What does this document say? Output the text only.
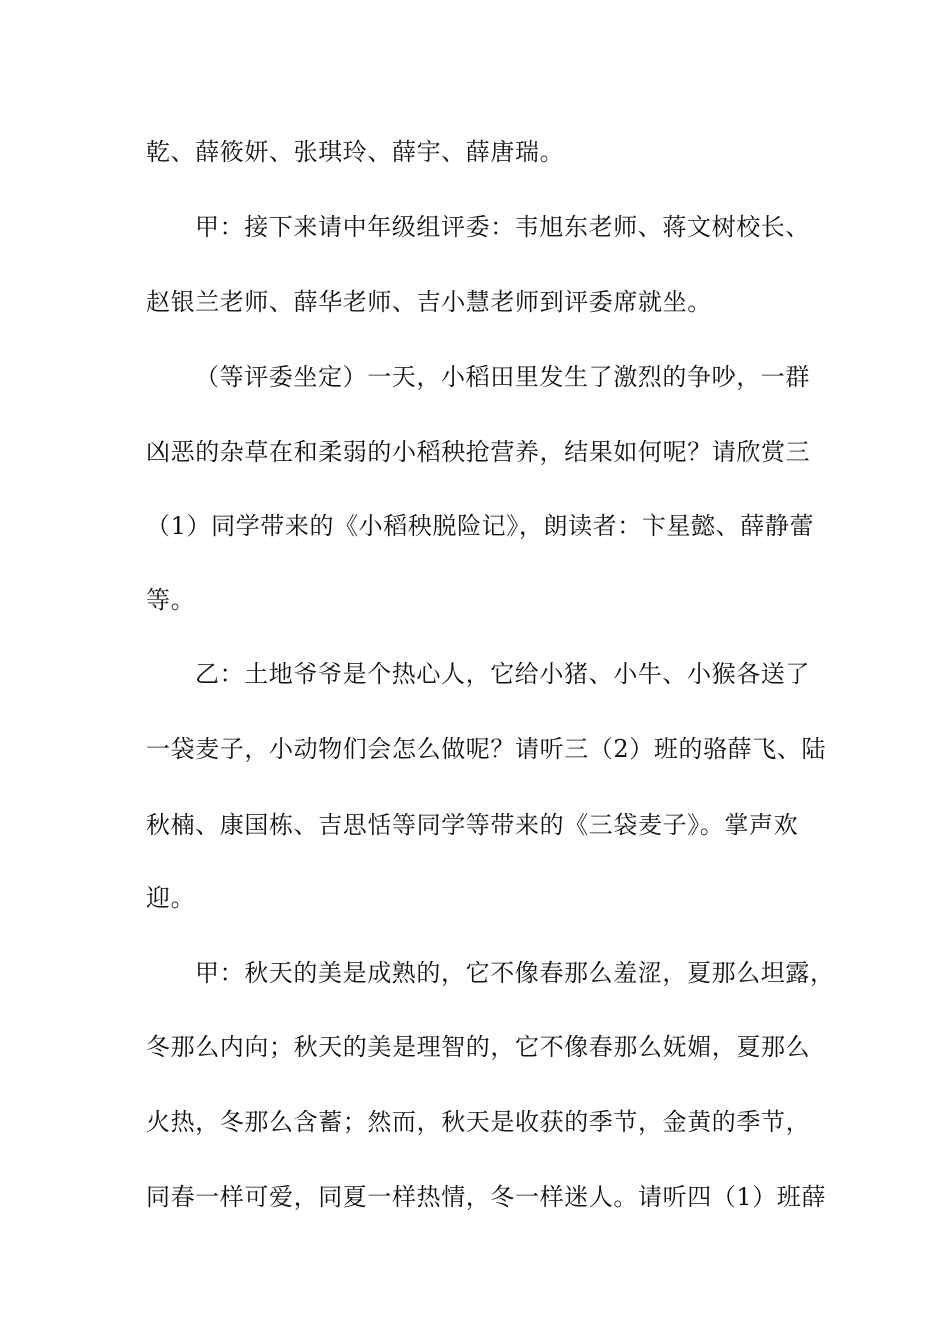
乾、薛筱妍、张琪玲、薛宇、薛唐瑞。
甲：接下来请中年级组评委：韦旭东老师、蒋文树校长、
赵银兰老师、薛华老师、吉小慧老师到评委席就坐。
（等评委坐定）一天，小稻田里发生了激烈的争吵，一群
凶恶的杂草在和柔弱的小稻秧抢营养，结果如何呢？请欣赏三
（1）同学带来的《小稻秧脱险记》，朗读者：卞星懿、薛静蕾
等。
乙：土地爷爷是个热心人，它给小猪、小牛、小猴各送了
一袋麦子，小动物们会怎么做呢？请听三（2）班的骆薛飞、陆
秋楠、康国栋、吉思恬等同学等带来的《三袋麦子》。掌声欢
迎。
甲：秋天的美是成熟的，它不像春那么羞涩，夏那么坦露，
冬那么内向；秋天的美是理智的，它不像春那么妩媚，夏那么
火热，冬那么含蓄；然而，秋天是收获的季节，金黄的季节，
同春一样可爱，同夏一样热情，冬一样迷人。请听四（1）班薛
